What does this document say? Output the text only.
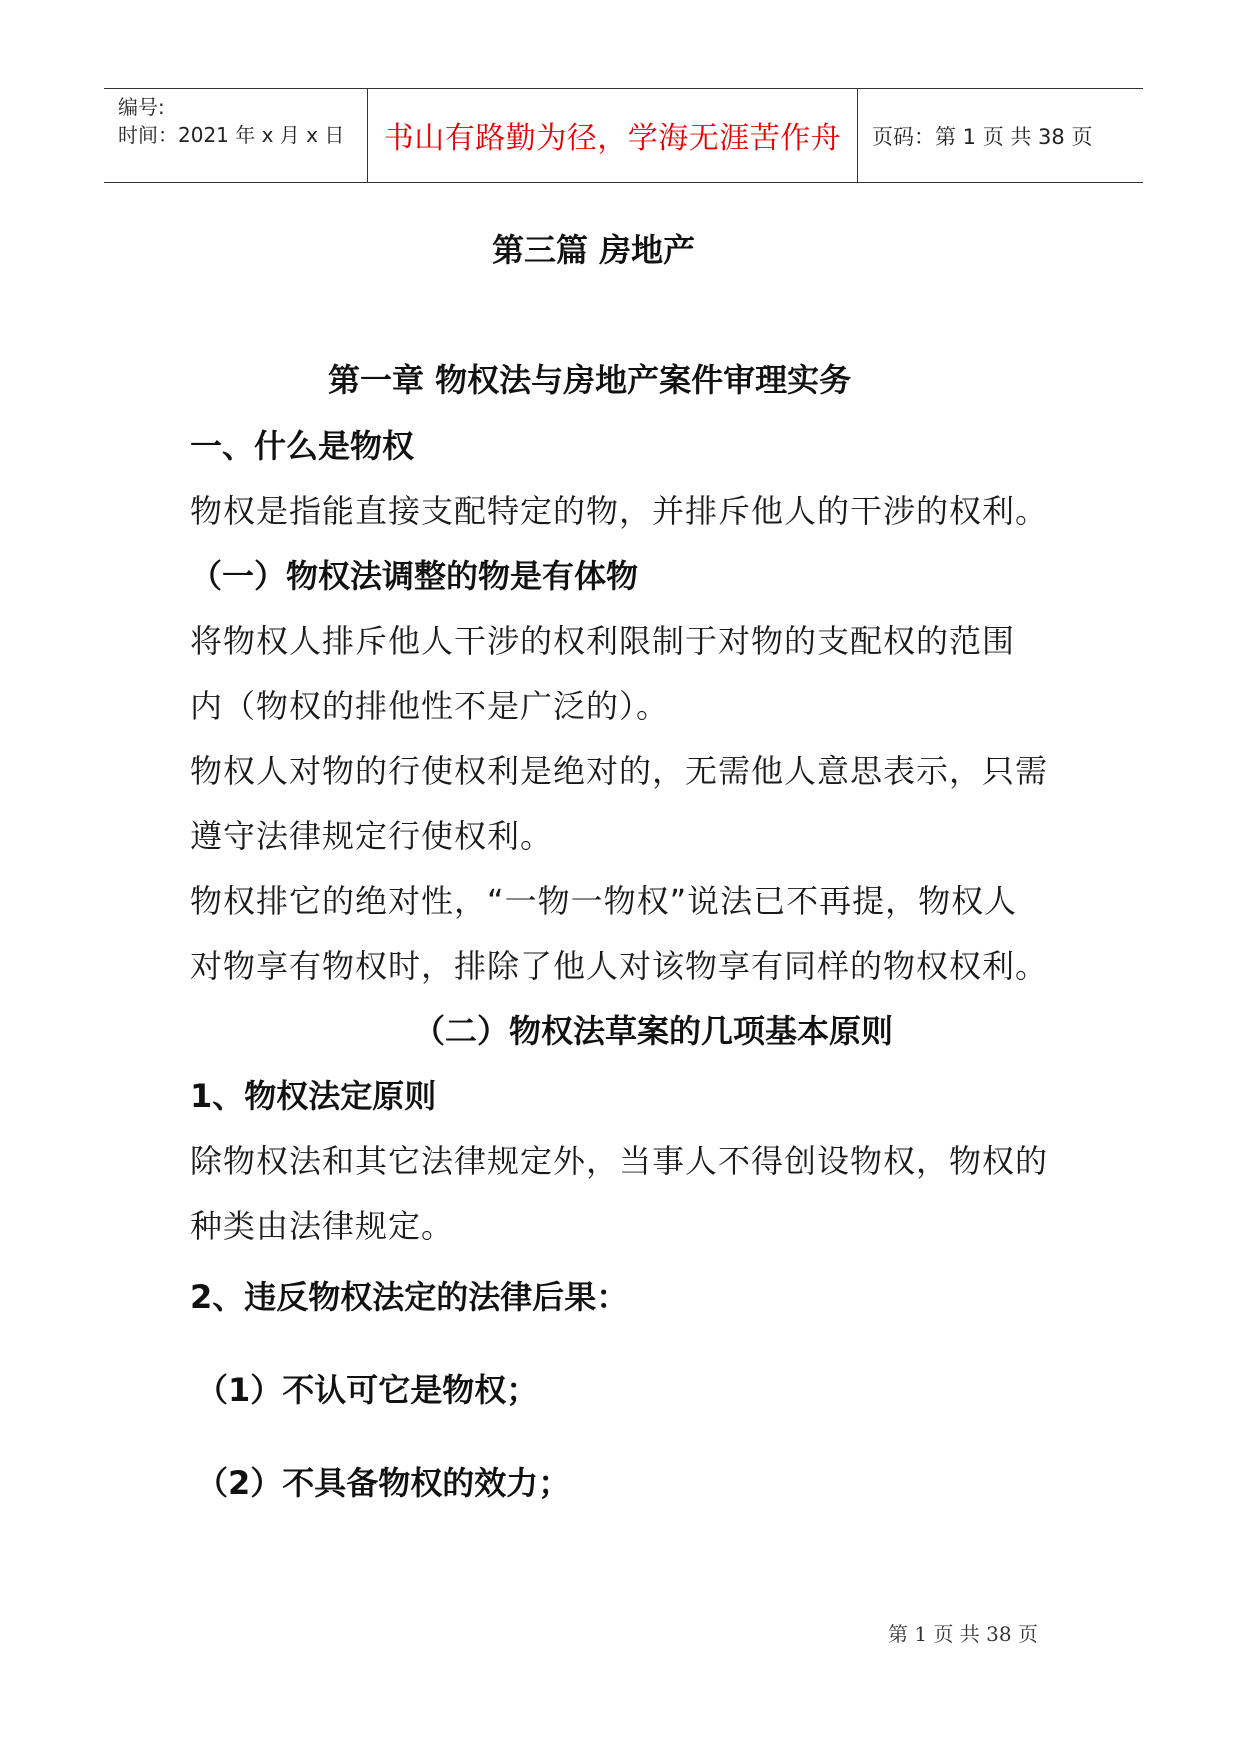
编号:
时间：2021 年 x 月 x 日	书山有路勤为径，学海无涯苦作舟	页码：第 1 页 共 38 页
第三篇 房地产
第一章 物权法与房地产案件审理实务
一、什么是物权
物权是指能直接支配特定的物，并排斥他人的干涉的权利。
（一）物权法调整的物是有体物
将物权人排斥他人干涉的权利限制于对物的支配权的范围
内（物权的排他性不是广泛的）。
物权人对物的行使权利是绝对的，无需他人意思表示，只需
遵守法律规定行使权利。
物权排它的绝对性，“一物一物权”说法已不再提，物权人
对物享有物权时，排除了他人对该物享有同样的物权权利。
（二）物权法草案的几项基本原则
1、物权法定原则
除物权法和其它法律规定外，当事人不得创设物权，物权的
种类由法律规定。
2、违反物权法定的法律后果：
（1）不认可它是物权；
（2）不具备物权的效力；
第 1 页 共 38 页
